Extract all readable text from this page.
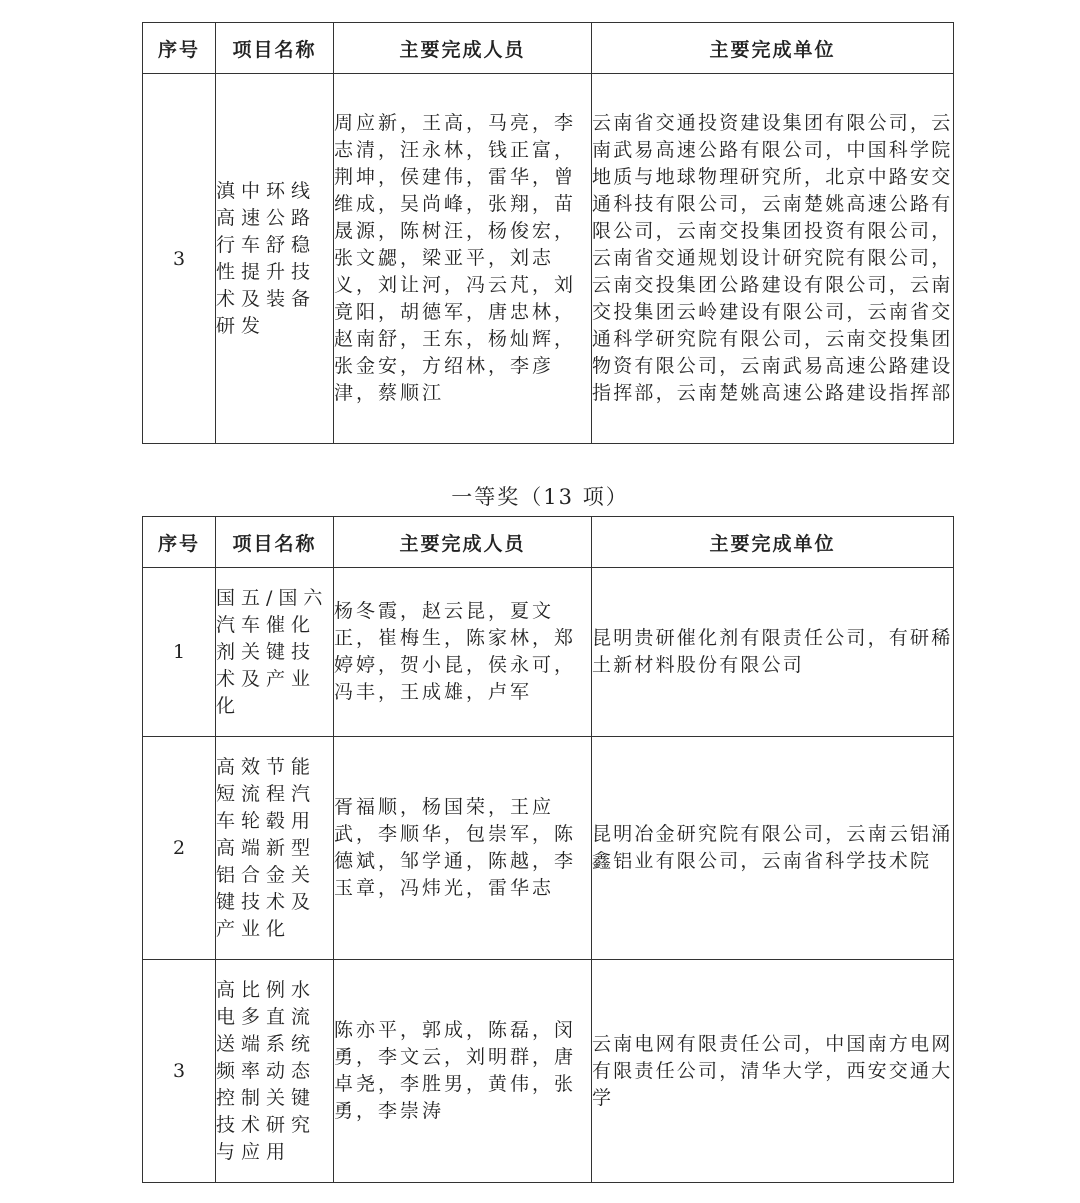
序号	项目名称	主要完成人员	主要完成单位
3	滇中环线高速公路行车舒稳性提升技术及装备研发	周应新，王高，马亮，李志清，汪永林，钱正富，荆坤，侯建伟，雷华，曾维成，吴尚峰，张翔，苗晟源，陈树汪，杨俊宏，张文勰，梁亚平，刘志义，刘让河，冯云芃，刘竟阳，胡德军，唐忠林，赵南舒，王东，杨灿辉，张金安，方绍林，李彦津，蔡顺江	云南省交通投资建设集团有限公司，云南武易高速公路有限公司，中国科学院地质与地球物理研究所，北京中路安交通科技有限公司，云南楚姚高速公路有限公司，云南交投集团投资有限公司，云南省交通规划设计研究院有限公司，云南交投集团公路建设有限公司，云南交投集团云岭建设有限公司，云南省交通科学研究院有限公司，云南交投集团物资有限公司，云南武易高速公路建设指挥部，云南楚姚高速公路建设指挥部
一等奖（13 项）
序号	项目名称	主要完成人员	主要完成单位
1	国五/国六汽车催化剂关键技术及产业化	杨冬霞，赵云昆，夏文正，崔梅生，陈家林，郑婷婷，贺小昆，侯永可，冯丰，王成雄，卢军	昆明贵研催化剂有限责任公司，有研稀土新材料股份有限公司
2	高效节能短流程汽车轮毂用高端新型铝合金关键技术及产业化	胥福顺，杨国荣，王应武，李顺华，包崇军，陈德斌，邹学通，陈越，李玉章，冯炜光，雷华志	昆明冶金研究院有限公司，云南云铝涌鑫铝业有限公司，云南省科学技术院
3	高比例水电多直流送端系统频率动态控制关键技术研究与应用	陈亦平，郭成，陈磊，闵勇，李文云，刘明群，唐卓尧，李胜男，黄伟，张勇，李崇涛	云南电网有限责任公司，中国南方电网有限责任公司，清华大学，西安交通大学
